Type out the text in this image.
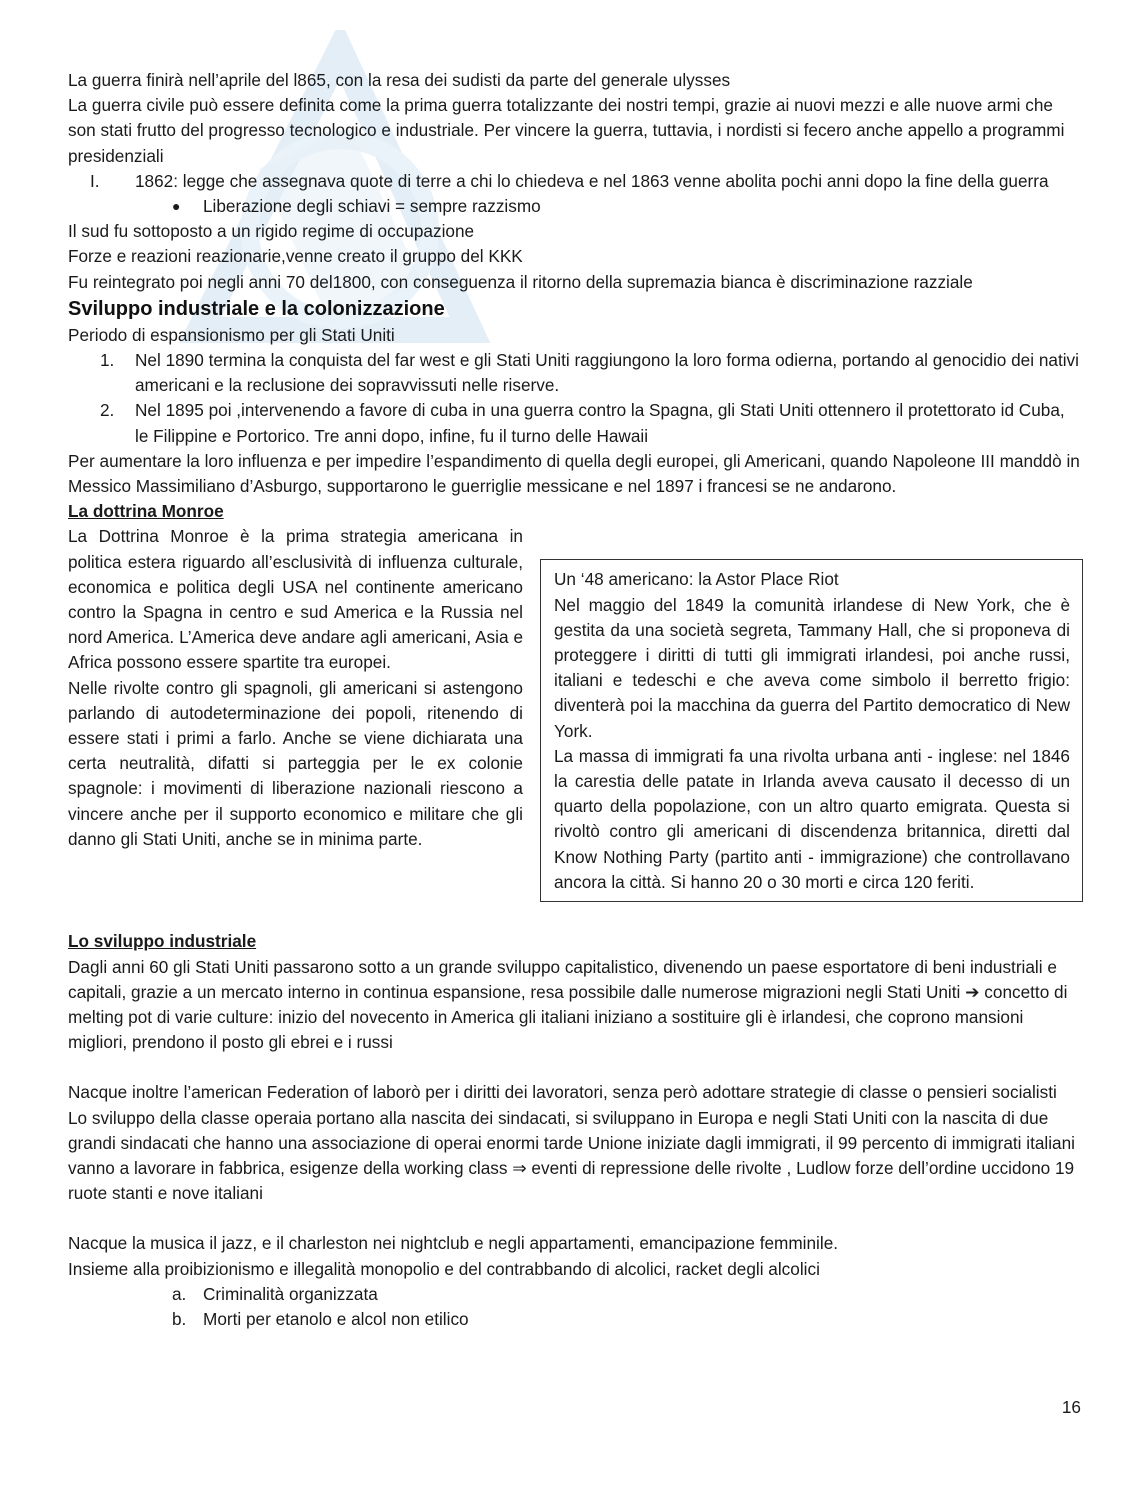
La guerra finirà nell’aprile del l865, con la resa dei sudisti da parte del generale ulysses

La guerra civile può essere definita come la prima guerra totalizzante dei nostri tempi, grazie ai nuovi mezzi e alle nuove armi che son stati frutto del progresso tecnologico e industriale. Per vincere la guerra, tuttavia, i nordisti si fecero anche appello a programmi presidenziali

I.	1862: legge che assegnava quote di terre a chi lo chiedeva e nel 1863 venne abolita pochi anni dopo la fine della guerra
●	Liberazione degli schiavi = sempre razzismo

Il sud fu sottoposto a un rigido regime di occupazione

Forze e reazioni reazionarie,venne creato il gruppo del KKK

Fu reintegrato poi negli anni 70 del1800, con conseguenza il ritorno della supremazia bianca è discriminazione razziale

Sviluppo industriale e la colonizzazione

Periodo di espansionismo per gli Stati Uniti

1.	Nel 1890 termina la conquista del far west e gli Stati Uniti raggiungono la loro forma odierna, portando al genocidio dei nativi americani e la reclusione dei sopravvissuti nelle riserve.
2.	Nel 1895 poi ,intervenendo a favore di cuba in una guerra contro la Spagna, gli Stati Uniti ottennero il protettorato id Cuba, le Filippine e Portorico. Tre anni dopo, infine, fu il turno delle Hawaii

Per aumentare la loro influenza e per impedire l’espandimento di quella degli europei, gli Americani, quando Napoleone III manddò in Messico Massimiliano d’Asburgo, supportarono le guerriglie messicane e nel 1897 i francesi se ne andarono.

La dottrina Monroe

La Dottrina Monroe è la prima strategia americana in politica estera riguardo all’esclusività di influenza culturale, economica e politica degli USA nel continente americano contro la Spagna in centro e sud America e la Russia nel nord America. L’America deve andare agli americani, Asia e Africa possono essere spartite tra europei.

Nelle rivolte contro gli spagnoli, gli americani si astengono parlando di autodeterminazione dei popoli, ritenendo di essere stati i primi a farlo. Anche se viene dichiarata una certa neutralità, difatti si parteggia per le ex colonie spagnole: i movimenti di liberazione nazionali riescono a vincere anche per il supporto economico e militare che gli danno gli Stati Uniti, anche se in minima parte.

Un ‘48 americano: la Astor Place Riot

Nel maggio del 1849 la comunità irlandese di New York, che è gestita da una società segreta, Tammany Hall, che si proponeva di proteggere i diritti di tutti gli immigrati irlandesi, poi anche russi, italiani e tedeschi e che aveva come simbolo il berretto frigio: diventerà poi la macchina da guerra del Partito democratico di New York.

La massa di immigrati fa una rivolta urbana anti - inglese: nel 1846 la carestia delle patate in Irlanda aveva causato il decesso di un quarto della popolazione, con un altro quarto emigrata. Questa si rivoltò contro gli americani di discendenza britannica, diretti dal Know Nothing Party (partito anti - immigrazione) che controllavano ancora la città. Si hanno 20 o 30 morti e circa 120 feriti.

Lo sviluppo industriale

Dagli anni 60 gli Stati Uniti passarono sotto a un grande sviluppo capitalistico, divenendo un paese esportatore di beni industriali e capitali, grazie a un mercato interno in continua espansione, resa possibile dalle numerose migrazioni negli Stati Uniti ➔ concetto di melting pot di varie culture: inizio del novecento in America gli italiani iniziano a sostituire gli è irlandesi, che coprono mansioni migliori, prendono il posto gli ebrei e i russi

Nacque inoltre l’american Federation of laborò per i diritti dei lavoratori, senza però adottare strategie di classe o pensieri socialisti Lo sviluppo della classe operaia portano alla nascita dei sindacati, si sviluppano in Europa e negli Stati Uniti con la nascita di due grandi sindacati che hanno una associazione di operai enormi tarde Unione iniziate dagli immigrati, il 99 percento di immigrati italiani vanno a lavorare in fabbrica, esigenze della working class ⇒ eventi di repressione delle rivolte , Ludlow forze dell’ordine uccidono 19 ruote stanti e nove italiani

Nacque la musica il jazz, e il charleston nei nightclub e negli appartamenti, emancipazione femminile.

Insieme alla proibizionismo e illegalità monopolio e del contrabbando di alcolici, racket degli alcolici

a. Criminalità organizzata
b. Morti per etanolo e alcol non etilico
16
